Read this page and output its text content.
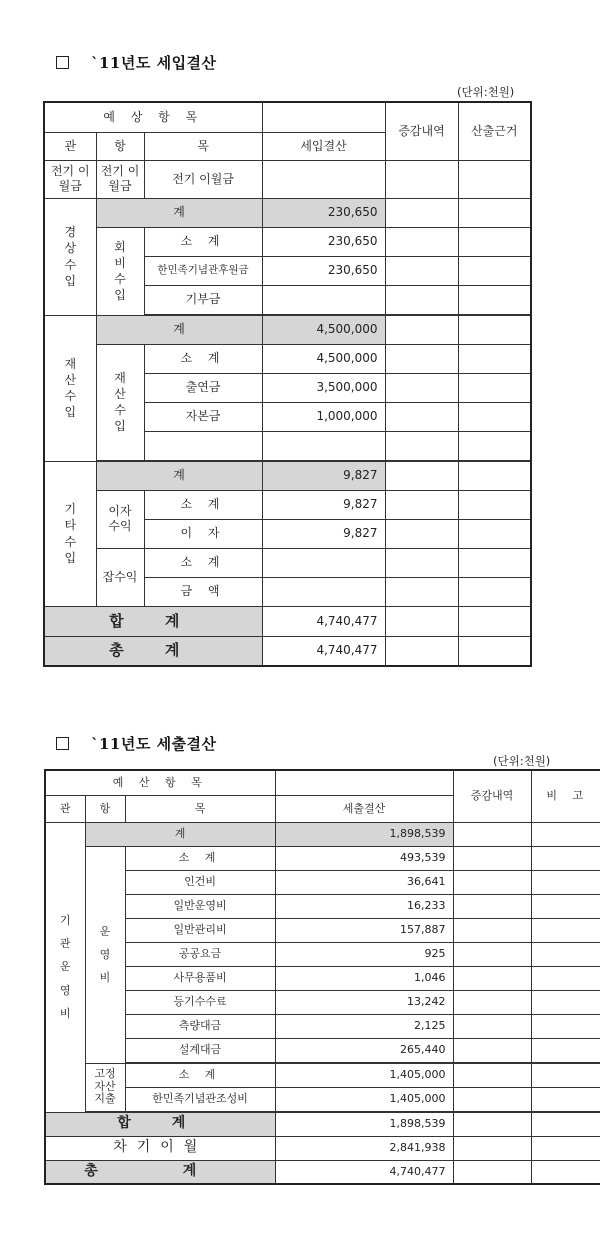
`11년도 세입결산
(단위:천원)
예 상 항 목				증감내역	산출근거
관	항	목	세입결산		
전기 이월금	전기 이월금	전기 이월금			
경상수입	계		230,650		
	회비수입	소 계	230,650		
		한민족기념관후원금	230,650		
		기부금			

재산수입	계		4,500,000		
	재산수입	소 계	4,500,000		
		출연금	3,500,000		
		자본금	1,000,000		

기타수입	계		9,827		
	이자수익	소 계	9,827		
		이 자	9,827		
	잡수익	소 계			
		금 액			
합 계			4,740,477		
총 계			4,740,477		
`11년도 세출결산
(단위:천원)
예 산 항 목				증감내역	비 고
관	항	목	세출결산		
기관운영비	계		1,898,539		
	운영비	소 계	493,539		
		인건비	36,641		
		일반운영비	16,233		
		일반관리비	157,887		
		공공요금	925		
		사무용품비	1,046		
		등기수수료	13,242		
		측량대금	2,125		
		설계대금	265,440		

	고정자산지출	소 계	1,405,000		
		한민족기념관조성비	1,405,000		

합 계			1,898,539		
차기이월			2,841,938		
총 계			4,740,477		
